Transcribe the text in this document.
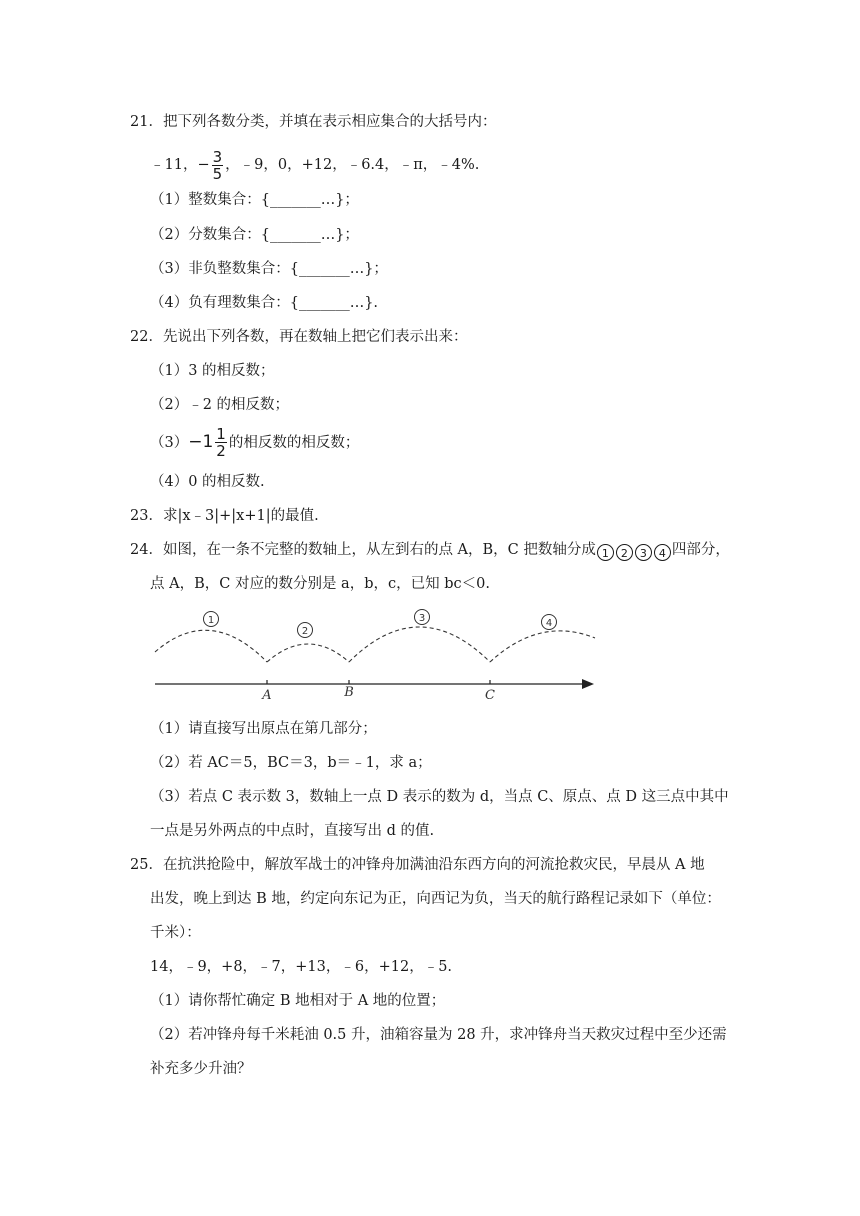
21．把下列各数分类，并填在表示相应集合的大括号内：
﹣11，− $\frac{3}{5}$ ，﹣9，0，+12，﹣6.4，﹣π，﹣4%.
（1）整数集合：{_______…}；
（2）分数集合：{_______…}；
（3）非负整数集合：{_______…}；
（4）负有理数集合：{_______…}.
22．先说出下列各数，再在数轴上把它们表示出来：
（1）3 的相反数；
（2）﹣2 的相反数；
$(3) -1 \frac{1}{2}$ 的相反数的相反数；
（4）0 的相反数.
23．求|x﹣3|+|x+1|的最值.
24．如图，在一条不完整的数轴上，从左到右的点 A，B，C 把数轴分成 1 2 3 4 四部分，
点 A，B，C 对应的数分别是 a，b，c，已知 bc＜0.
A	B	C
1
2
3	4
（1）请直接写出原点在第几部分；
（2）若 AC＝5，BC＝3，b＝﹣1，求 a；
（3）若点 C 表示数 3，数轴上一点 D 表示的数为 d，当点 C、原点、点 D 这三点中其中
一点是另外两点的中点时，直接写出 d 的值.
25．在抗洪抢险中，解放军战士的冲锋舟加满油沿东西方向的河流抢救灾民，早晨从 A 地
出发，晚上到达 B 地，约定向东记为正，向西记为负，当天的航行路程记录如下（单位：
千米）：
14，﹣9，+8，﹣7，+13，﹣6，+12，﹣5.
（1）请你帮忙确定 B 地相对于 A 地的位置；
（2）若冲锋舟每千米耗油 0.5 升，油箱容量为 28 升，求冲锋舟当天救灾过程中至少还需
补充多少升油？
